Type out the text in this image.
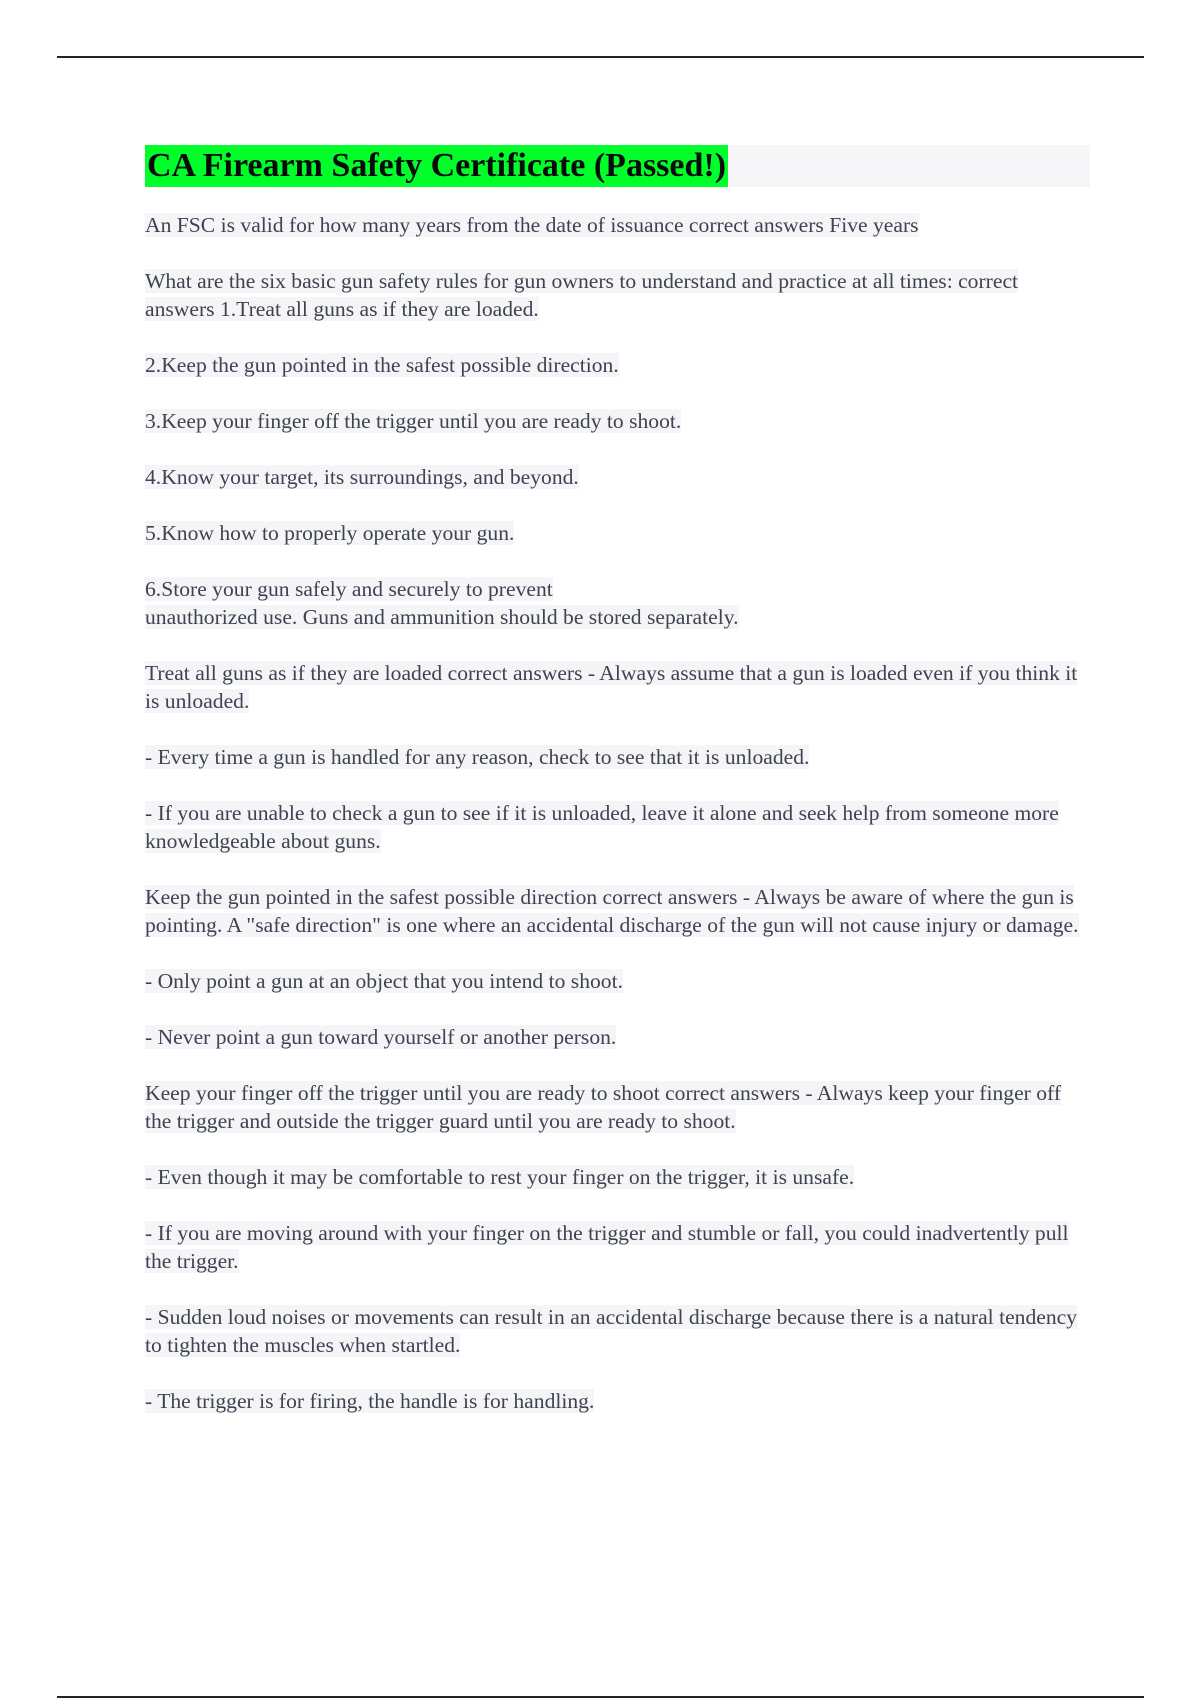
CA Firearm Safety Certificate (Passed!)

An FSC is valid for how many years from the date of issuance correct answers Five years

What are the six basic gun safety rules for gun owners to understand and practice at all times: correct answers 1.Treat all guns as if they are loaded.

2.Keep the gun pointed in the safest possible direction.

3.Keep your finger off the trigger until you are ready to shoot.

4.Know your target, its surroundings, and beyond.

5.Know how to properly operate your gun.

6.Store your gun safely and securely to prevent
unauthorized use. Guns and ammunition should be stored separately.

Treat all guns as if they are loaded correct answers - Always assume that a gun is loaded even if you think it is unloaded.

- Every time a gun is handled for any reason, check to see that it is unloaded.

- If you are unable to check a gun to see if it is unloaded, leave it alone and seek help from someone more knowledgeable about guns.

Keep the gun pointed in the safest possible direction correct answers - Always be aware of where the gun is pointing. A "safe direction" is one where an accidental discharge of the gun will not cause injury or damage.

- Only point a gun at an object that you intend to shoot.

- Never point a gun toward yourself or another person.

Keep your finger off the trigger until you are ready to shoot correct answers - Always keep your finger off the trigger and outside the trigger guard until you are ready to shoot.

- Even though it may be comfortable to rest your finger on the trigger, it is unsafe.

- If you are moving around with your finger on the trigger and stumble or fall, you could inadvertently pull the trigger.

- Sudden loud noises or movements can result in an accidental discharge because there is a natural tendency to tighten the muscles when startled.

- The trigger is for firing, the handle is for handling.
